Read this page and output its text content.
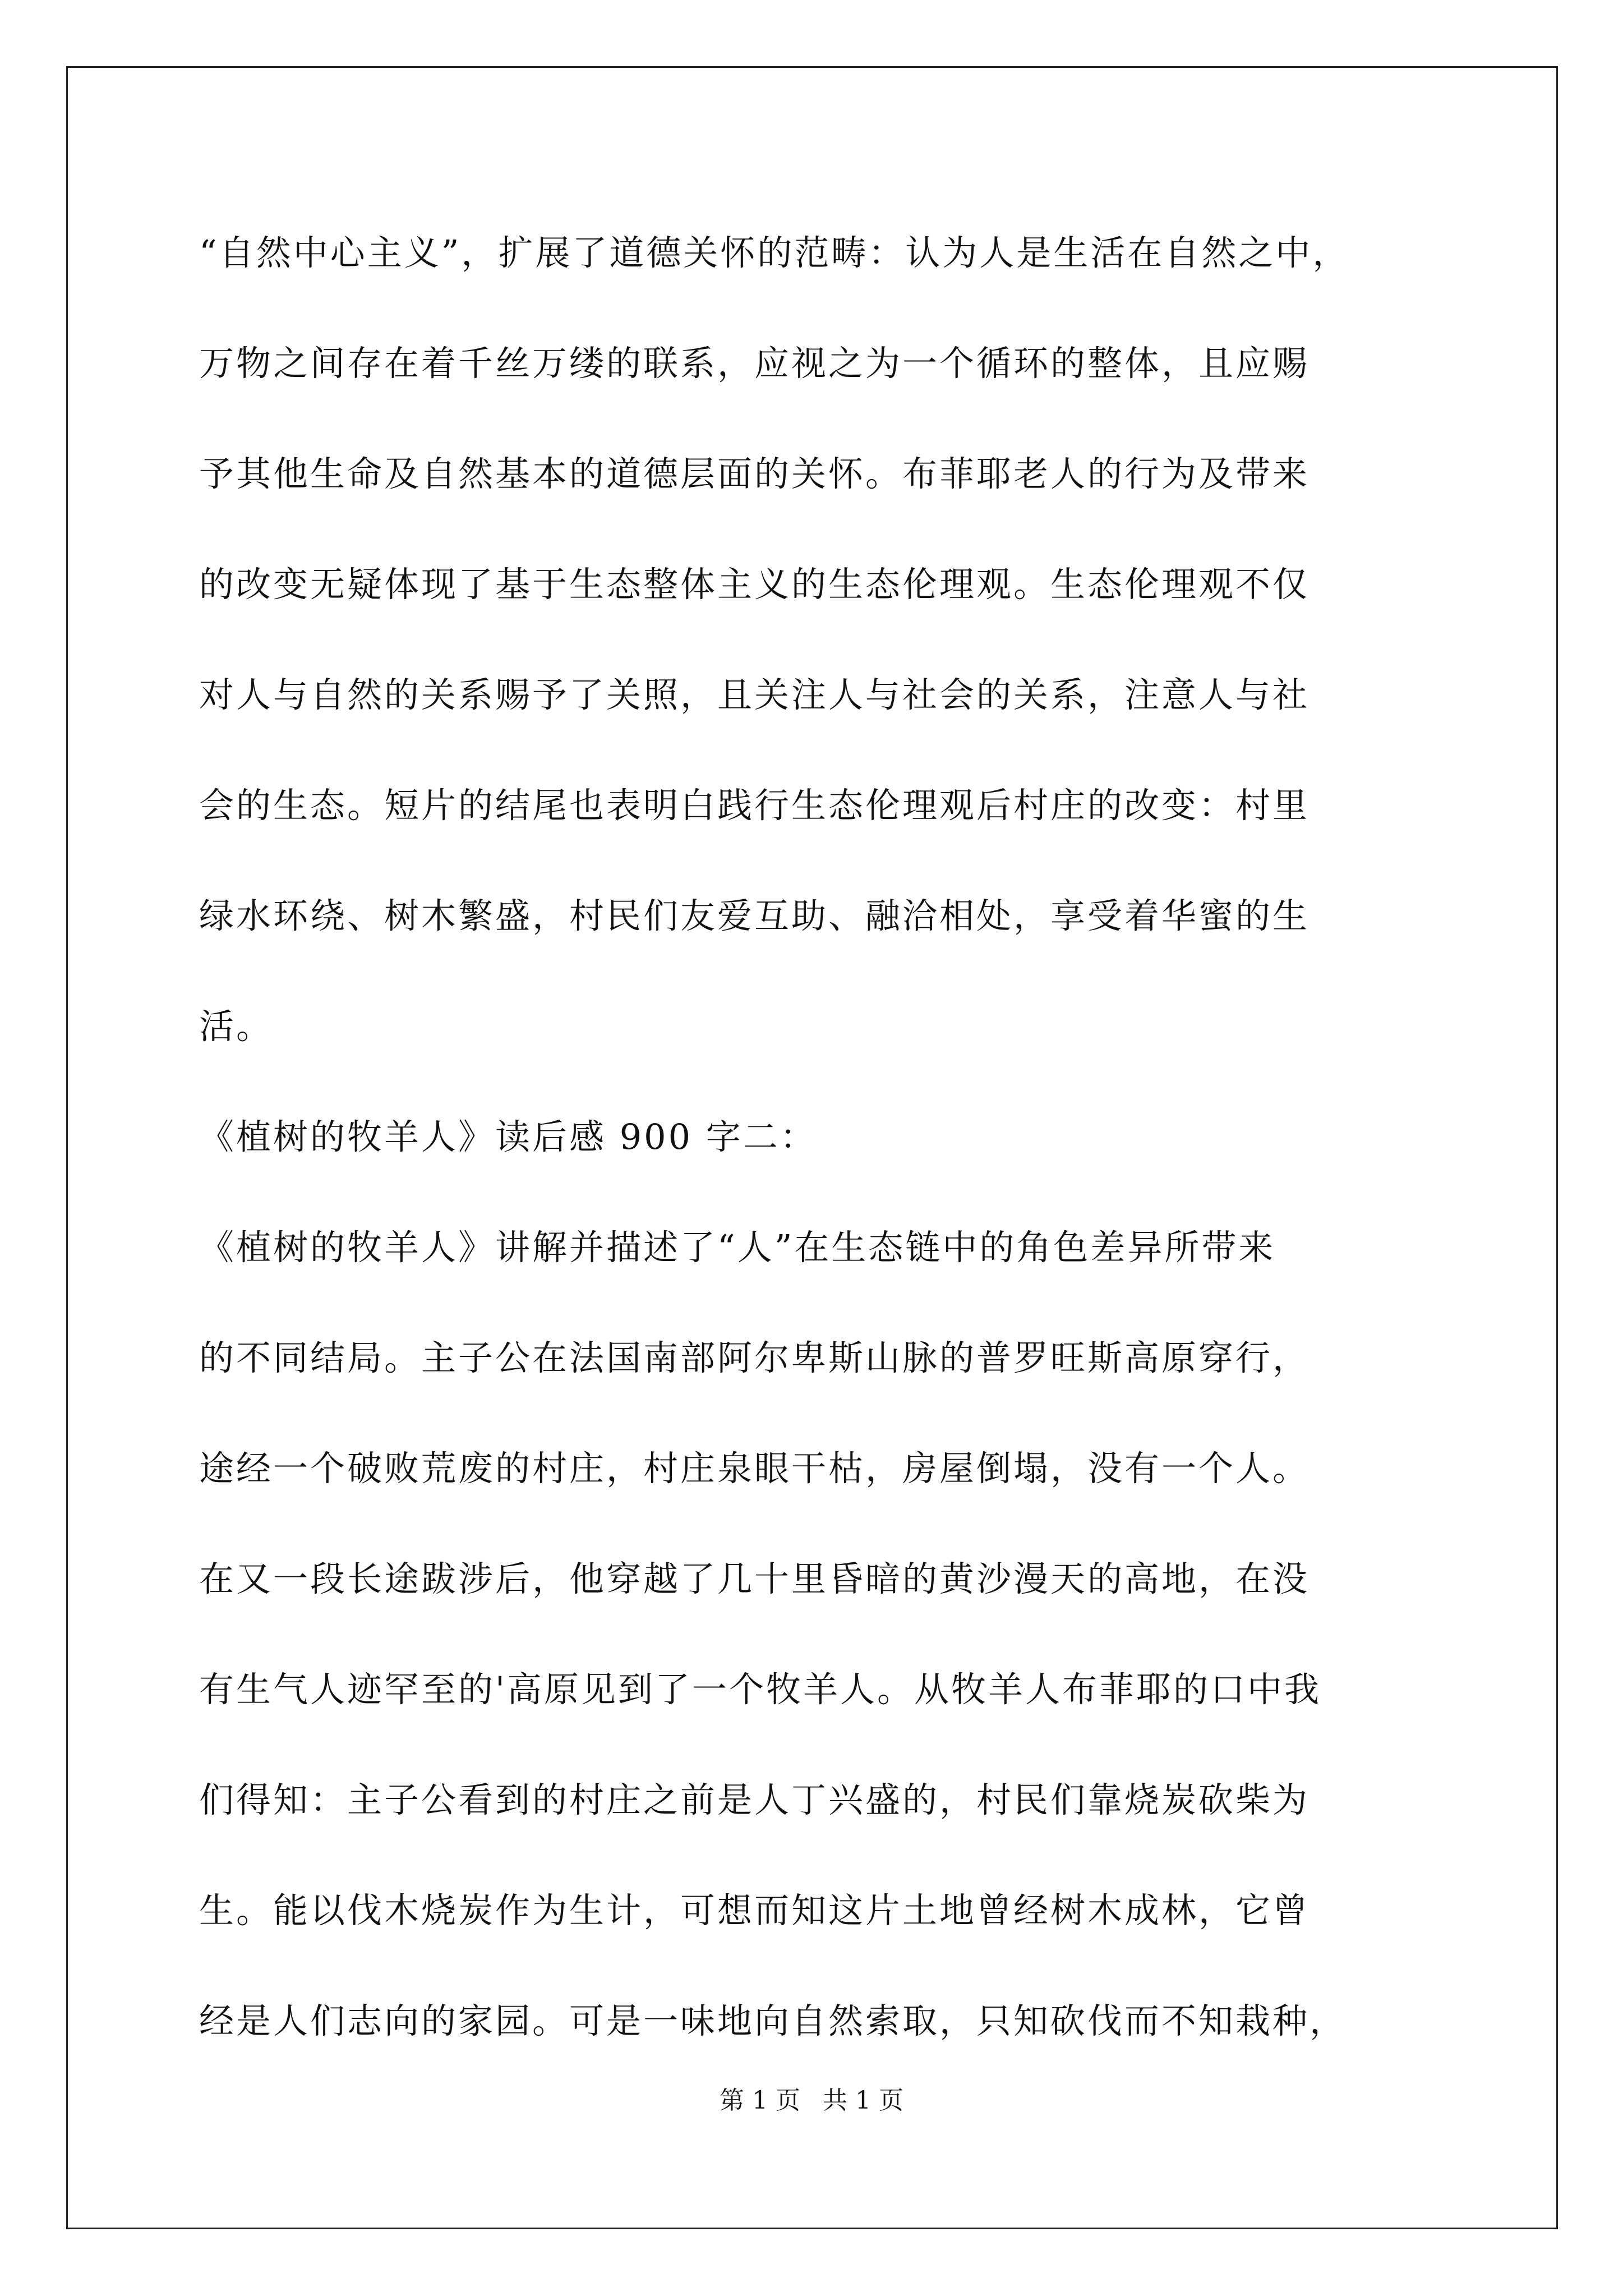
“自然中心主义”，扩展了道德关怀的范畴：认为人是生活在自然之中，
万物之间存在着千丝万缕的联系，应视之为一个循环的整体，且应赐
予其他生命及自然基本的道德层面的关怀。布菲耶老人的行为及带来
的改变无疑体现了基于生态整体主义的生态伦理观。生态伦理观不仅
对人与自然的关系赐予了关照，且关注人与社会的关系，注意人与社
会的生态。短片的结尾也表明白践行生态伦理观后村庄的改变：村里
绿水环绕、树木繁盛，村民们友爱互助、融洽相处，享受着华蜜的生
活。
《植树的牧羊人》读后感 900 字二：
《植树的牧羊人》讲解并描述了“人”在生态链中的角色差异所带来
的不同结局。主子公在法国南部阿尔卑斯山脉的普罗旺斯高原穿行，
途经一个破败荒废的村庄，村庄泉眼干枯，房屋倒塌，没有一个人。
在又一段长途跋涉后，他穿越了几十里昏暗的黄沙漫天的高地，在没
有生气人迹罕至的'高原见到了一个牧羊人。从牧羊人布菲耶的口中我
们得知：主子公看到的村庄之前是人丁兴盛的，村民们靠烧炭砍柴为
生。能以伐木烧炭作为生计，可想而知这片土地曾经树木成林，它曾
经是人们志向的家园。可是一味地向自然索取，只知砍伐而不知栽种，
第 1 页 共 1 页
